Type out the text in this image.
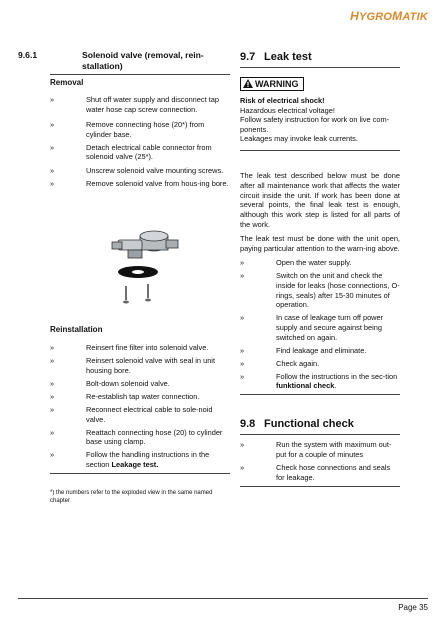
HYGROMATIK
9.6.1	Solenoid valve (removal, rein-stallation)
Removal
»	Shut off water supply and disconnect tap water hose cap screw connection.
»	Remove connecting hose (20*) from cylinder base.
»	Detach electrical cable connector from solenoid valve (25*).
»	Unscrew solenoid valve mounting screws.
»	Remove solenoid valve from hous-ing bore.
Reinstallation
»	Reinsert fine filter into solenoid valve.
»	Reinsert solenoid valve with seal in unit housing bore.
»	Bolt-down solenoid valve.
»	Re-establish tap water connection.
»	Reconnect electrical cable to sole-noid valve.
»	Reattach connecting hose (20) to cylinder base using clamp.
»	Follow the handling instructions in the section Leakage test.
*) the numbers refer to the exploded view in the same named chapter
9.7 Leak test
WARNING
Risk of electrical shock!
Hazardous electrical voltage!
Follow safety instruction for work on live com-ponents.
Leakages may invoke leak currents.
The leak test described below must be done after all maintenance work that affects the water circuit inside the unit. If work has been done at several points, the final leak test is enough, although this work step is listed for all parts of the work.
The leak test must be done with the unit open, paying particular attention to the warn-ing above.
»	Open the water supply.
»	Switch on the unit and check the inside for leaks (hose connections, O-rings, seals) after 15-30 minutes of operation.
»	In case of leakage turn off power supply and secure against being switched on again.
»	Find leakage and eliminate.
»	Check again.
»	Follow the instructions in the sec-tion funktional check.
9.8 Functional check
»	Run the system with maximum out-put for a couple of minutes
»	Check hose connections and seals for leakage.
Page 35
